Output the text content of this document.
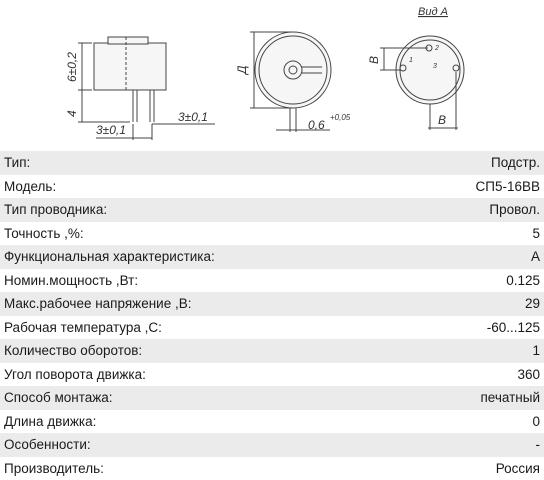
6±0,2
4
3±0,1
3±0,1
Д
0,6
+0,05
Вид А
В
В
1
2
3
Тип:	Подстр.
Модель:	СП5-16ВВ
Тип проводника:	Провол.
Точность ,%:	5
Функциональная характеристика:	А
Номин.мощность ,Вт:	0.125
Макс.рабочее напряжение ,В:	29
Рабочая температура ,С:	-60...125
Количество оборотов:	1
Угол поворота движка:	360
Способ монтажа:	печатный
Длина движка:	0
Особенности:	-
Производитель:	Россия
